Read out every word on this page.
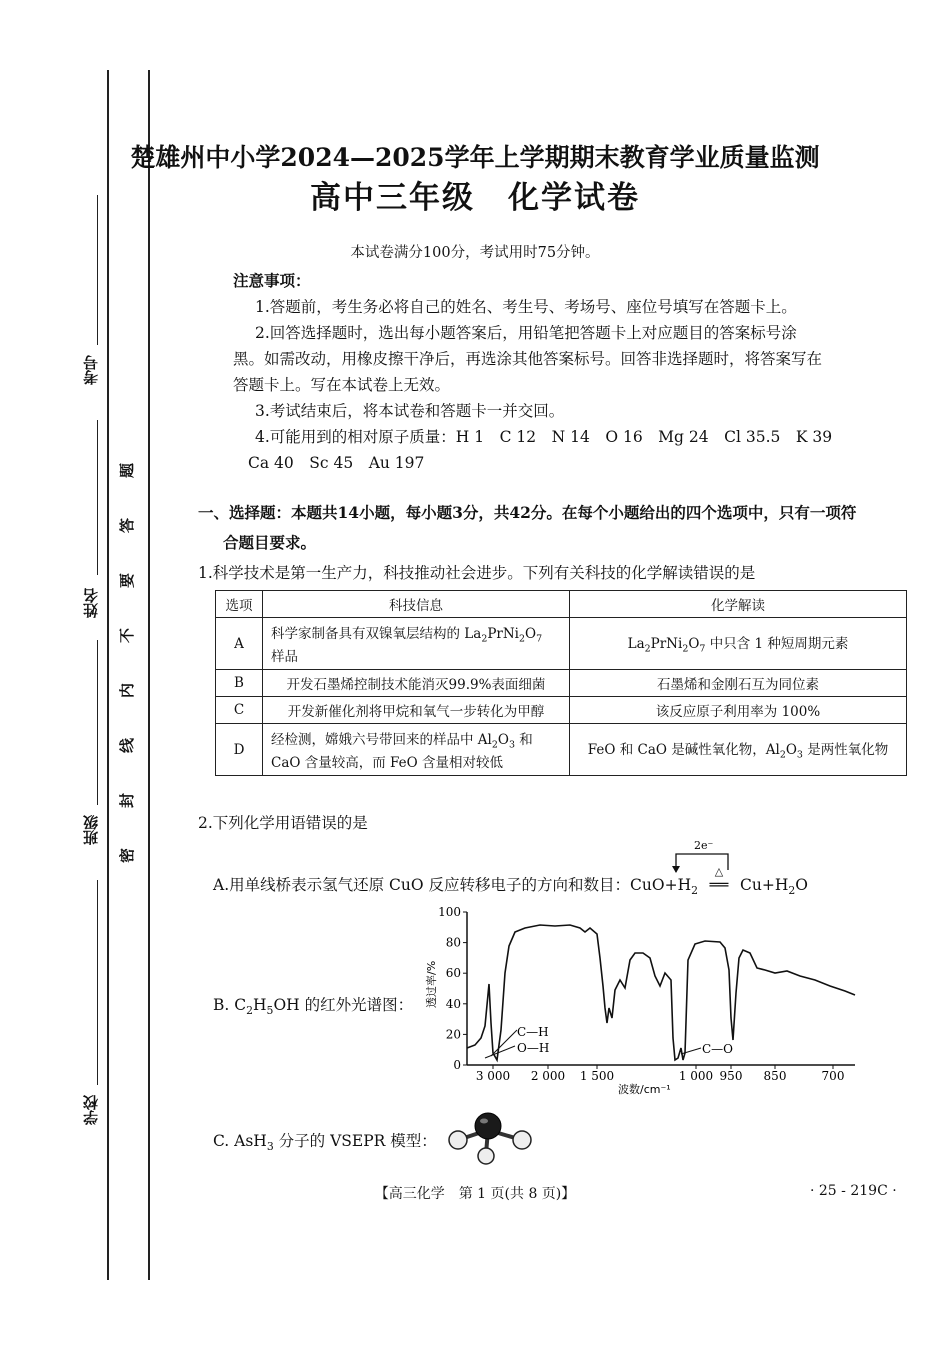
考号
姓名
班级
学校
题
答
要
不
内
线
封
密
楚雄州中小学2024—2025学年上学期期末教育学业质量监测
高中三年级　化学试卷
本试卷满分100分，考试用时75分钟。
注意事项：
1.答题前，考生务必将自己的姓名、考生号、考场号、座位号填写在答题卡上。
2.回答选择题时，选出每小题答案后，用铅笔把答题卡上对应题目的答案标号涂
黑。如需改动，用橡皮擦干净后，再选涂其他答案标号。回答非选择题时，将答案写在
答题卡上。写在本试卷上无效。
3.考试结束后，将本试卷和答题卡一并交回。
4.可能用到的相对原子质量：H 1　C 12　N 14　O 16　Mg 24　Cl 35.5　K 39
Ca 40　Sc 45　Au 197
一、选择题：本题共14小题，每小题3分，共42分。在每个小题给出的四个选项中，只有一项符
合题目要求。
1.科学技术是第一生产力，科技推动社会进步。下列有关科技的化学解读错误的是
选项	科技信息	化学解读
A	科学家制备具有双镍氧层结构的 $La_2PrNi_2O_7$
样品	$La_2PrNi_2O_7$ 中只含 1 种短周期元素
B	开发石墨烯控制技术能消灭99.9%表面细菌	石墨烯和金刚石互为同位素
C	开发新催化剂将甲烷和氧气一步转化为甲醇	该反应原子利用率为 100%
D	经检测，嫦娥六号带回来的样品中 $Al_2O_3$ 和
CaO 含量较高，而 FeO 含量相对较低	FeO 和 CaO 是碱性氧化物，$Al_2O_3$ 是两性氧化物
2.下列化学用语错误的是
A.用单线桥表示氢气还原 CuO 反应转移电子的方向和数目：$CuO+H_2$
△
══ $Cu+H_2O$
2e⁻
B. $C_2H_5OH$ 的红外光谱图：
0
20
40
60
80
100
3 000 2 000 1 500	1 000 950 850	700
C—H
O—H	C—O
透过率/%
波数/cm⁻¹
C. AsH$_3$ 分子的 VSEPR 模型：
【高三化学　第 1 页(共 8 页)】	· 25 - 219C ·
